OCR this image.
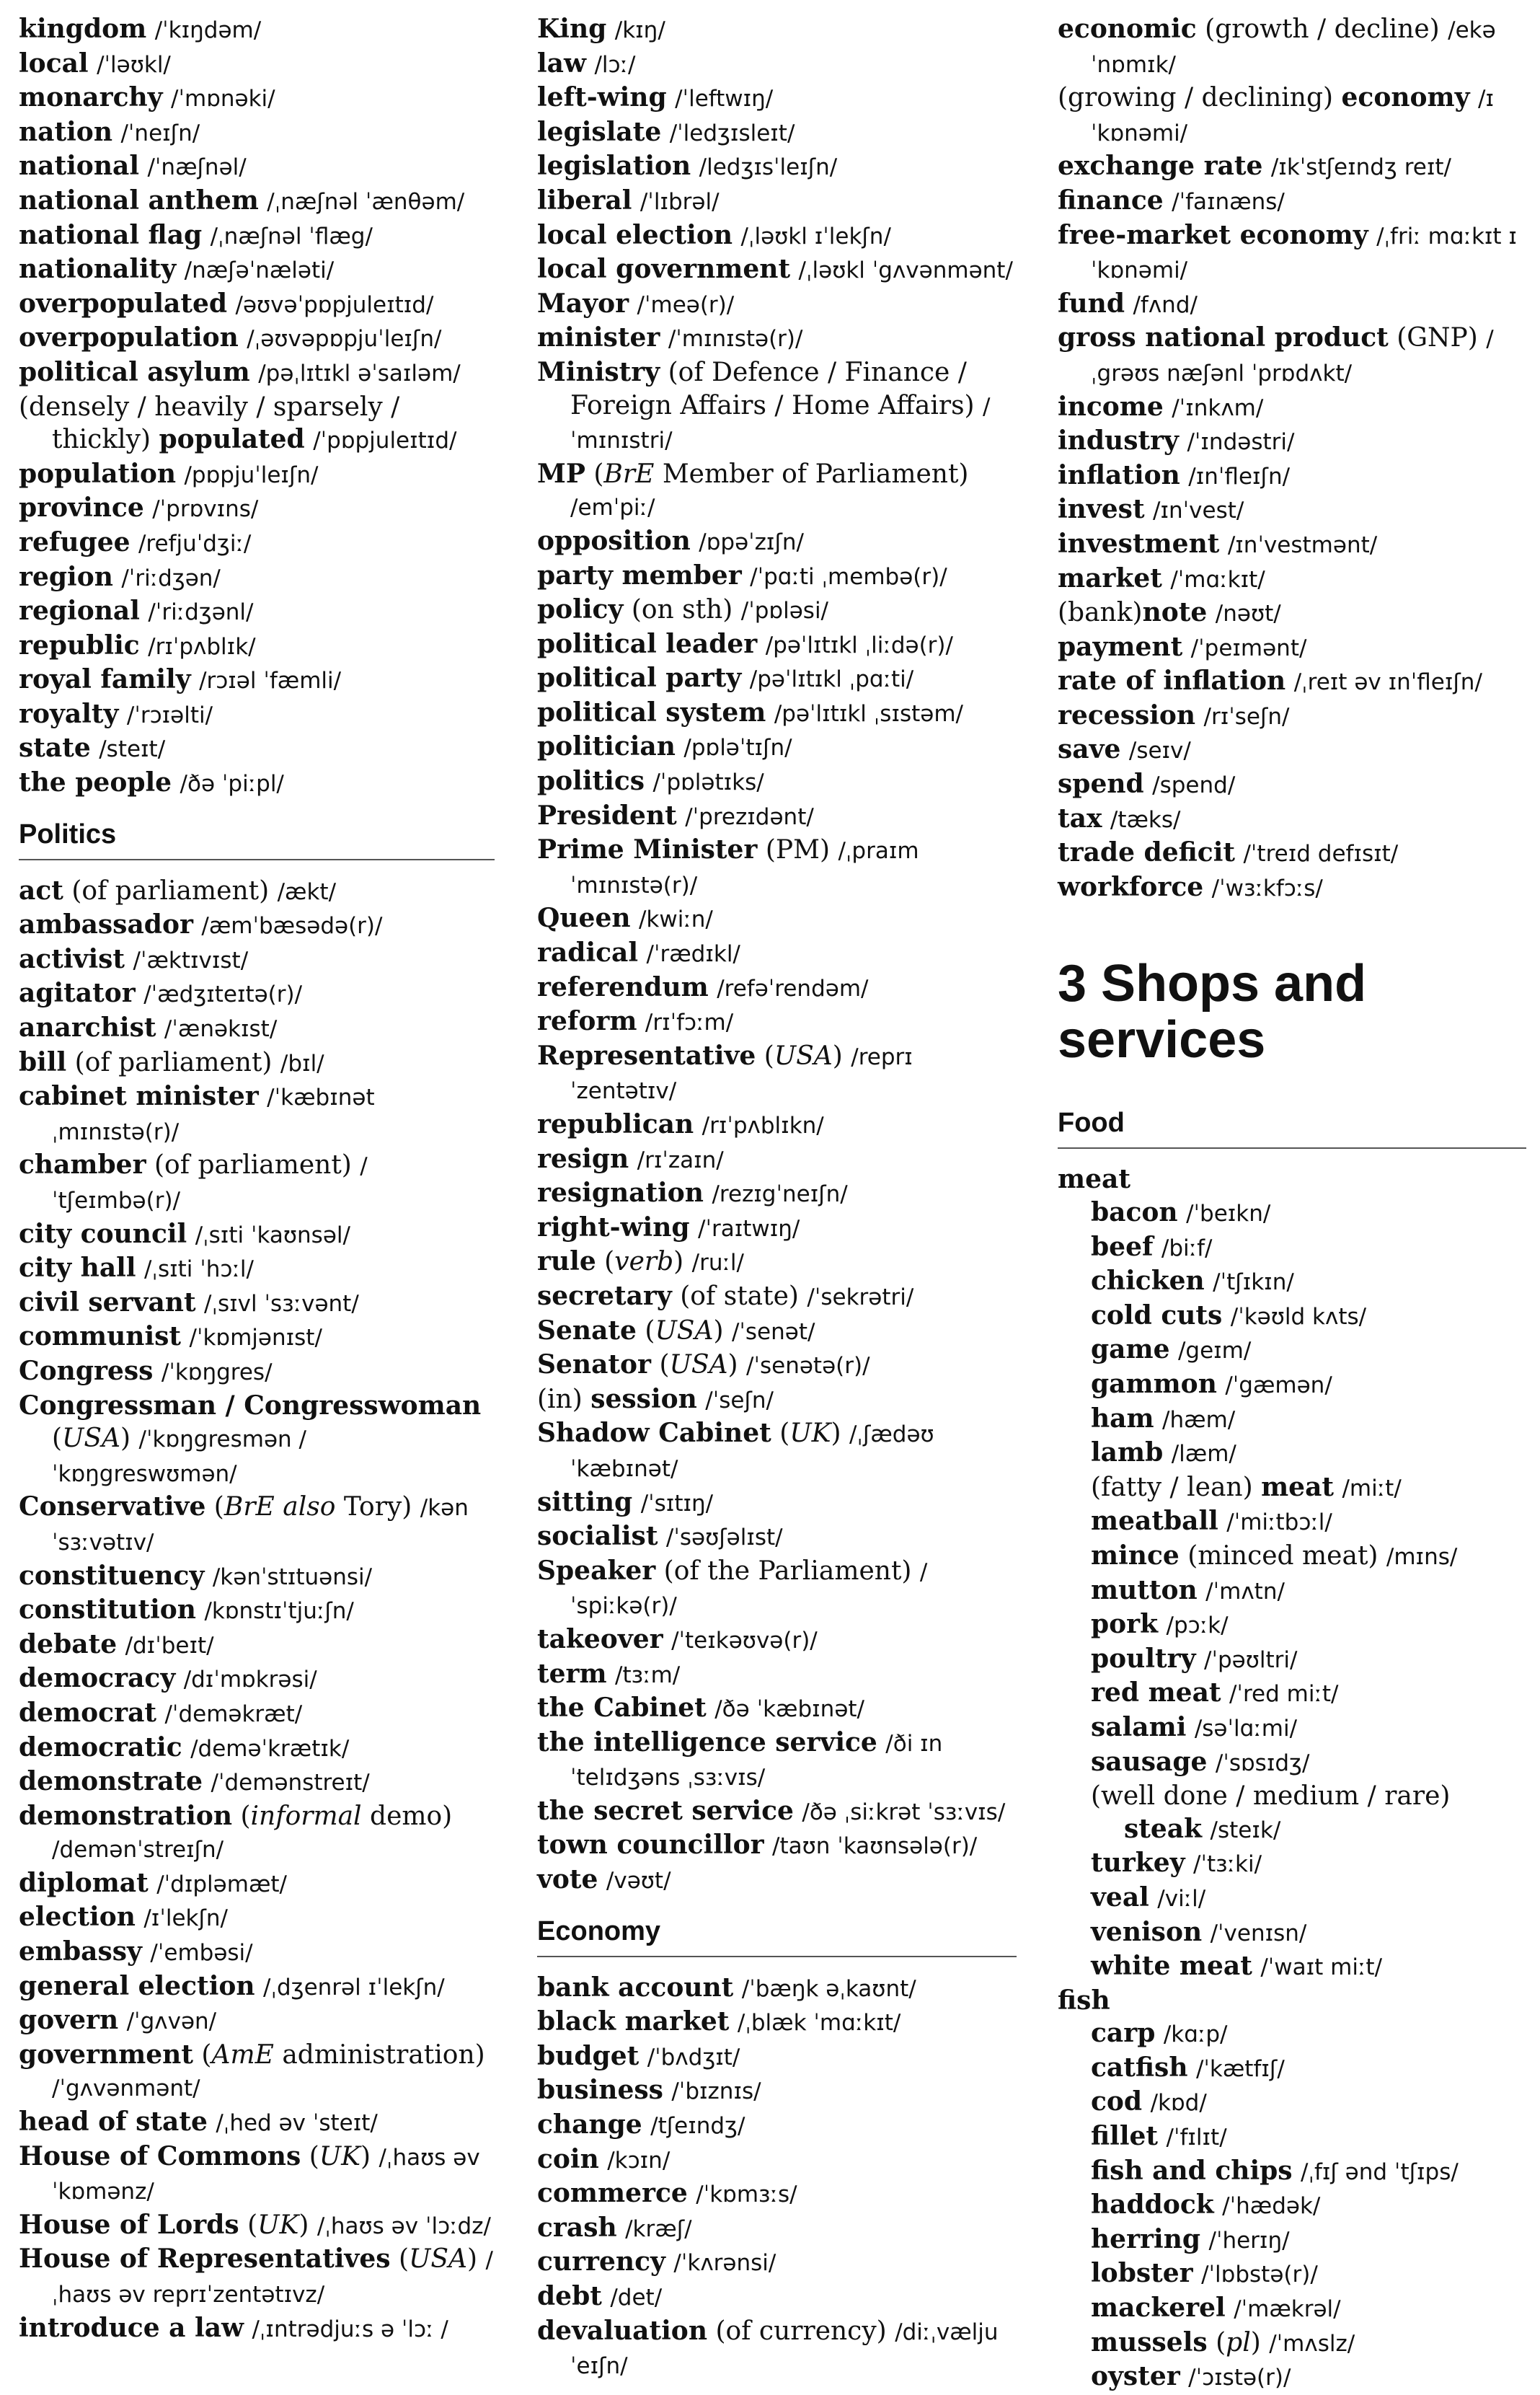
kingdom /ˈkɪŋdəm/
local /ˈləʊkl/
monarchy /ˈmɒnəki/
nation /ˈneɪʃn/
national /ˈnæʃnəl/
national anthem /ˌnæʃnəl ˈænθəm/
national flag /ˌnæʃnəl ˈflæg/
nationality /næʃəˈnæləti/
overpopulated /əʊvəˈpɒpjuleɪtɪd/
overpopulation /ˌəʊvəpɒpjuˈleɪʃn/
political asylum /pəˌlɪtɪkl əˈsaɪləm/
(densely / heavily / sparsely / thickly) populated /ˈpɒpjuleɪtɪd/
population /pɒpjuˈleɪʃn/
province /ˈprɒvɪns/
refugee /refjuˈdʒiː/
region /ˈriːdʒən/
regional /ˈriːdʒənl/
republic /rɪˈpʌblɪk/
royal family /rɔɪəl ˈfæmli/
royalty /ˈrɔɪəlti/
state /steɪt/
the people /ðə ˈpiːpl/
Politics
act (of parliament) /ækt/
ambassador /æmˈbæsədə(r)/
activist /ˈæktɪvɪst/
agitator /ˈædʒɪteɪtə(r)/
anarchist /ˈænəkɪst/
bill (of parliament) /bɪl/
cabinet minister /ˈkæbɪnət ˌmɪnɪstə(r)/
chamber (of parliament) /ˈtʃeɪmbə(r)/
city council /ˌsɪti ˈkaʊnsəl/
city hall /ˌsɪti ˈhɔːl/
civil servant /ˌsɪvl ˈsɜːvənt/
communist /ˈkɒmjənɪst/
Congress /ˈkɒŋgres/
Congressman / Congresswoman (USA) /ˈkɒŋgresmən / ˈkɒŋgreswʊmən/
Conservative (BrE also Tory) /kənˈsɜːvətɪv/
constituency /kənˈstɪtuənsi/
constitution /kɒnstɪˈtjuːʃn/
debate /dɪˈbeɪt/
democracy /dɪˈmɒkrəsi/
democrat /ˈdeməkræt/
democratic /deməˈkrætɪk/
demonstrate /ˈdemənstreɪt/
demonstration (informal demo) /demənˈstreɪʃn/
diplomat /ˈdɪpləmæt/
election /ɪˈlekʃn/
embassy /ˈembəsi/
general election /ˌdʒenrəl ɪˈlekʃn/
govern /ˈgʌvən/
government (AmE administration) /ˈgʌvənmənt/
head of state /ˌhed əv ˈsteɪt/
House of Commons (UK) /ˌhaʊs əv ˈkɒmənz/
House of Lords (UK) /ˌhaʊs əv ˈlɔːdz/
House of Representatives (USA) /ˌhaʊs əv reprɪˈzentətɪvz/
introduce a law /ˌɪntrədjuːs ə ˈlɔː /
King /kɪŋ/
law /lɔː/
left-wing /ˈleftwɪŋ/
legislate /ˈledʒɪsleɪt/
legislation /ledʒɪsˈleɪʃn/
liberal /ˈlɪbrəl/
local election /ˌləʊkl ɪˈlekʃn/
local government /ˌləʊkl ˈgʌvənmənt/
Mayor /ˈmeə(r)/
minister /ˈmɪnɪstə(r)/
Ministry (of Defence / Finance / Foreign Affairs / Home Affairs) /ˈmɪnɪstri/
MP (BrE Member of Parliament) /emˈpiː/
opposition /ɒpəˈzɪʃn/
party member /ˈpɑːti ˌmembə(r)/
policy (on sth) /ˈpɒləsi/
political leader /pəˈlɪtɪkl ˌliːdə(r)/
political party /pəˈlɪtɪkl ˌpɑːti/
political system /pəˈlɪtɪkl ˌsɪstəm/
politician /pɒləˈtɪʃn/
politics /ˈpɒlətɪks/
President /ˈprezɪdənt/
Prime Minister (PM) /ˌpraɪm ˈmɪnɪstə(r)/
Queen /kwiːn/
radical /ˈrædɪkl/
referendum /refəˈrendəm/
reform /rɪˈfɔːm/
Representative (USA) /reprɪˈzentətɪv/
republican /rɪˈpʌblɪkn/
resign /rɪˈzaɪn/
resignation /rezɪgˈneɪʃn/
right-wing /ˈraɪtwɪŋ/
rule (verb) /ruːl/
secretary (of state) /ˈsekrətri/
Senate (USA) /ˈsenət/
Senator (USA) /ˈsenətə(r)/
(in) session /ˈseʃn/
Shadow Cabinet (UK) /ˌʃædəʊ ˈkæbɪnət/
sitting /ˈsɪtɪŋ/
socialist /ˈsəʊʃəlɪst/
Speaker (of the Parliament) /ˈspiːkə(r)/
takeover /ˈteɪkəʊvə(r)/
term /tɜːm/
the Cabinet /ðə ˈkæbɪnət/
the intelligence service /ði ɪnˈtelɪdʒəns ˌsɜːvɪs/
the secret service /ðə ˌsiːkrət ˈsɜːvɪs/
town councillor /taʊn ˈkaʊnsələ(r)/
vote /vəʊt/
Economy
bank account /ˈbæŋk əˌkaʊnt/
black market /ˌblæk ˈmɑːkɪt/
budget /ˈbʌdʒɪt/
business /ˈbɪznɪs/
change /tʃeɪndʒ/
coin /kɔɪn/
commerce /ˈkɒmɜːs/
crash /kræʃ/
currency /ˈkʌrənsi/
debt /det/
devaluation (of currency) /diːˌvæljuˈeɪʃn/
economic (growth / decline) /ekəˈnɒmɪk/
(growing / declining) economy /ɪˈkɒnəmi/
exchange rate /ɪkˈstʃeɪndʒ reɪt/
finance /ˈfaɪnæns/
free-market economy /ˌfriː mɑːkɪt ɪˈkɒnəmi/
fund /fʌnd/
gross national product (GNP) /ˌgrəʊs næʃənl ˈprɒdʌkt/
income /ˈɪnkʌm/
industry /ˈɪndəstri/
inflation /ɪnˈfleɪʃn/
invest /ɪnˈvest/
investment /ɪnˈvestmənt/
market /ˈmɑːkɪt/
(bank)note /nəʊt/
payment /ˈpeɪmənt/
rate of inflation /ˌreɪt əv ɪnˈfleɪʃn/
recession /rɪˈseʃn/
save /seɪv/
spend /spend/
tax /tæks/
trade deficit /ˈtreɪd defɪsɪt/
workforce /ˈwɜːkfɔːs/
3 Shops and services
Food
meat
bacon /ˈbeɪkn/
beef /biːf/
chicken /ˈtʃɪkɪn/
cold cuts /ˈkəʊld kʌts/
game /geɪm/
gammon /ˈgæmən/
ham /hæm/
lamb /læm/
(fatty / lean) meat /miːt/
meatball /ˈmiːtbɔːl/
mince (minced meat) /mɪns/
mutton /ˈmʌtn/
pork /pɔːk/
poultry /ˈpəʊltri/
red meat /ˈred miːt/
salami /səˈlɑːmi/
sausage /ˈsɒsɪdʒ/
(well done / medium / rare) steak /steɪk/
turkey /ˈtɜːki/
veal /viːl/
venison /ˈvenɪsn/
white meat /ˈwaɪt miːt/
fish
carp /kɑːp/
catfish /ˈkætfɪʃ/
cod /kɒd/
fillet /ˈfɪlɪt/
fish and chips /ˌfɪʃ ənd ˈtʃɪps/
haddock /ˈhædək/
herring /ˈherɪŋ/
lobster /ˈlɒbstə(r)/
mackerel /ˈmækrəl/
mussels (pl) /ˈmʌslz/
oyster /ˈɔɪstə(r)/
